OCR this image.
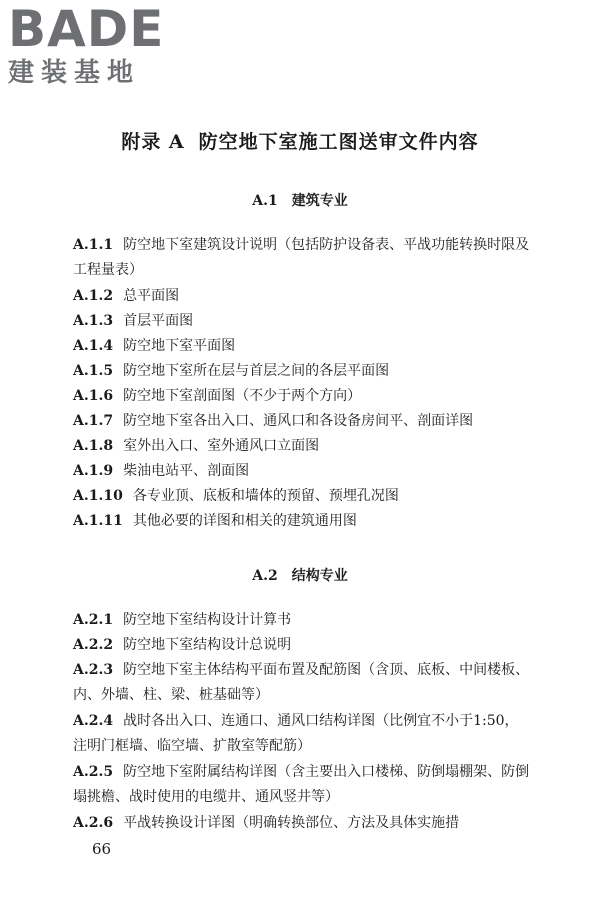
BADE
建装基地
附录 A 防空地下室施工图送审文件内容
A.1 建筑专业
A.1.1 防空地下室建筑设计说明（包括防护设备表、平战功能转换时限及工程量表）
A.1.2 总平面图
A.1.3 首层平面图
A.1.4 防空地下室平面图
A.1.5 防空地下室所在层与首层之间的各层平面图
A.1.6 防空地下室剖面图（不少于两个方向）
A.1.7 防空地下室各出入口、通风口和各设备房间平、剖面详图
A.1.8 室外出入口、室外通风口立面图
A.1.9 柴油电站平、剖面图
A.1.10 各专业顶、底板和墙体的预留、预埋孔况图
A.1.11 其他必要的详图和相关的建筑通用图
A.2 结构专业
A.2.1 防空地下室结构设计计算书
A.2.2 防空地下室结构设计总说明
A.2.3 防空地下室主体结构平面布置及配筋图（含顶、底板、中间楼板、内、外墙、柱、梁、桩基础等）
A.2.4 战时各出入口、连通口、通风口结构详图（比例宜不小于1:50，注明门框墙、临空墙、扩散室等配筋）
A.2.5 防空地下室附属结构详图（含主要出入口楼梯、防倒塌棚架、防倒塌挑檐、战时使用的电缆井、通风竖井等）
A.2.6 平战转换设计详图（明确转换部位、方法及具体实施措
66
